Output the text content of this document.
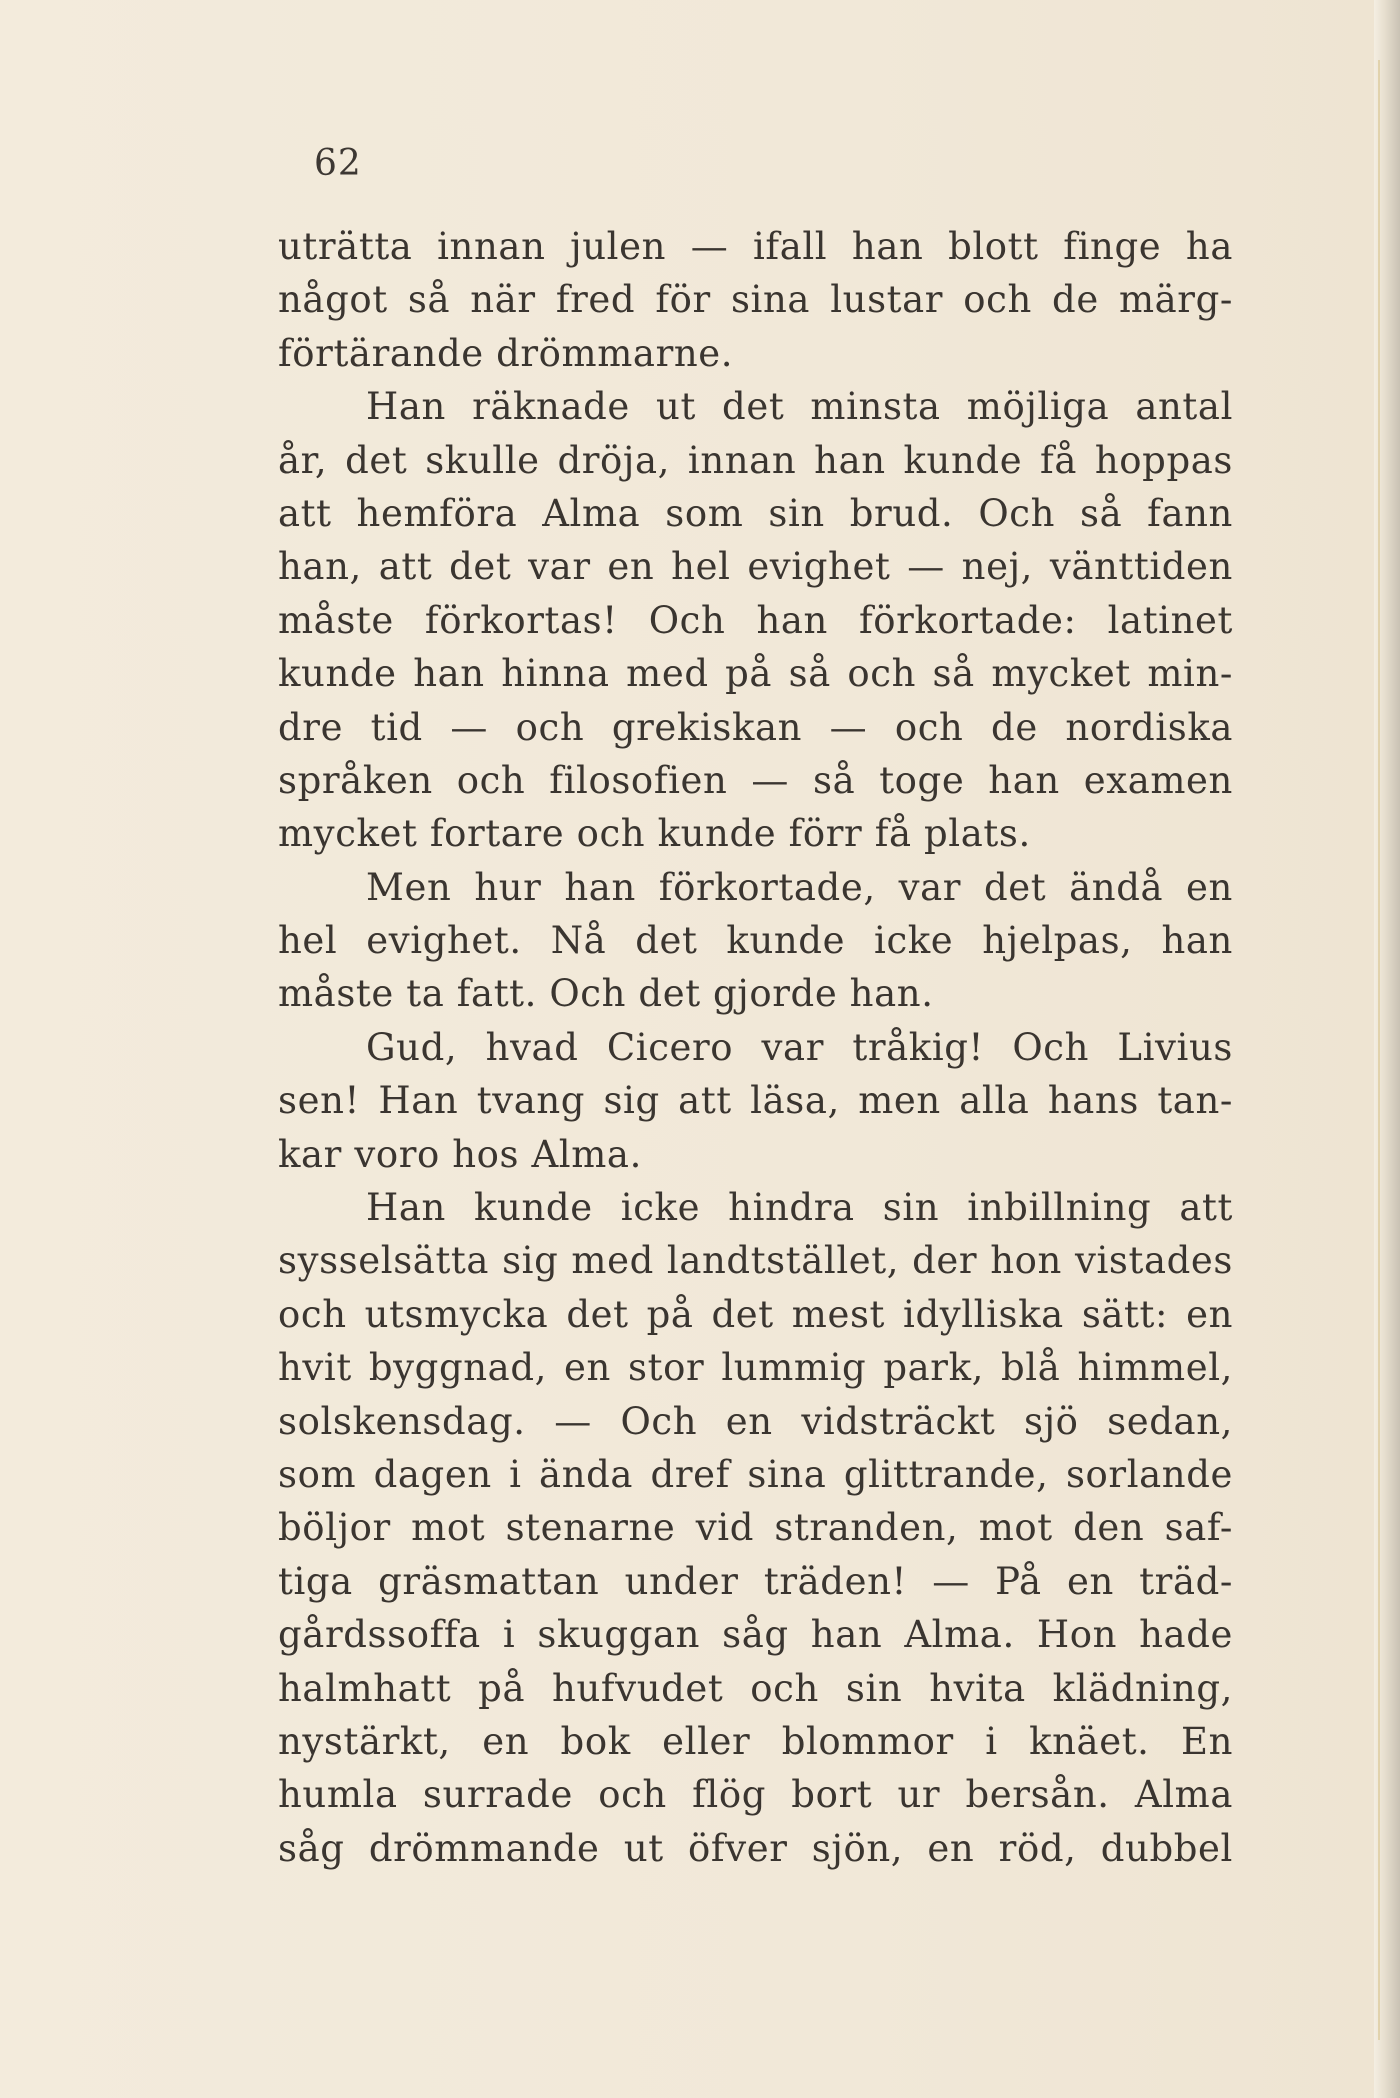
62
uträtta innan julen — ifall han blott finge ha
något så när fred för sina lustar och de märg-
förtärande drömmarne.
Han räknade ut det minsta möjliga antal
år, det skulle dröja, innan han kunde få hoppas
att hemföra Alma som sin brud. Och så fann
han, att det var en hel evighet — nej, vänttiden
måste förkortas! Och han förkortade: latinet
kunde han hinna med på så och så mycket min-
dre tid — och grekiskan — och de nordiska
språken och filosofien — så toge han examen
mycket fortare och kunde förr få plats.
Men hur han förkortade, var det ändå en
hel evighet. Nå det kunde icke hjelpas, han
måste ta fatt. Och det gjorde han.
Gud, hvad Cicero var tråkig! Och Livius
sen! Han tvang sig att läsa, men alla hans tan-
kar voro hos Alma.
Han kunde icke hindra sin inbillning att
sysselsätta sig med landtstället, der hon vistades
och utsmycka det på det mest idylliska sätt: en
hvit byggnad, en stor lummig park, blå himmel,
solskensdag. — Och en vidsträckt sjö sedan,
som dagen i ända dref sina glittrande, sorlande
böljor mot stenarne vid stranden, mot den saf-
tiga gräsmattan under träden! — På en träd-
gårdssoffa i skuggan såg han Alma. Hon hade
halmhatt på hufvudet och sin hvita klädning,
nystärkt, en bok eller blommor i knäet. En
humla surrade och flög bort ur bersån. Alma
såg drömmande ut öfver sjön, en röd, dubbel
